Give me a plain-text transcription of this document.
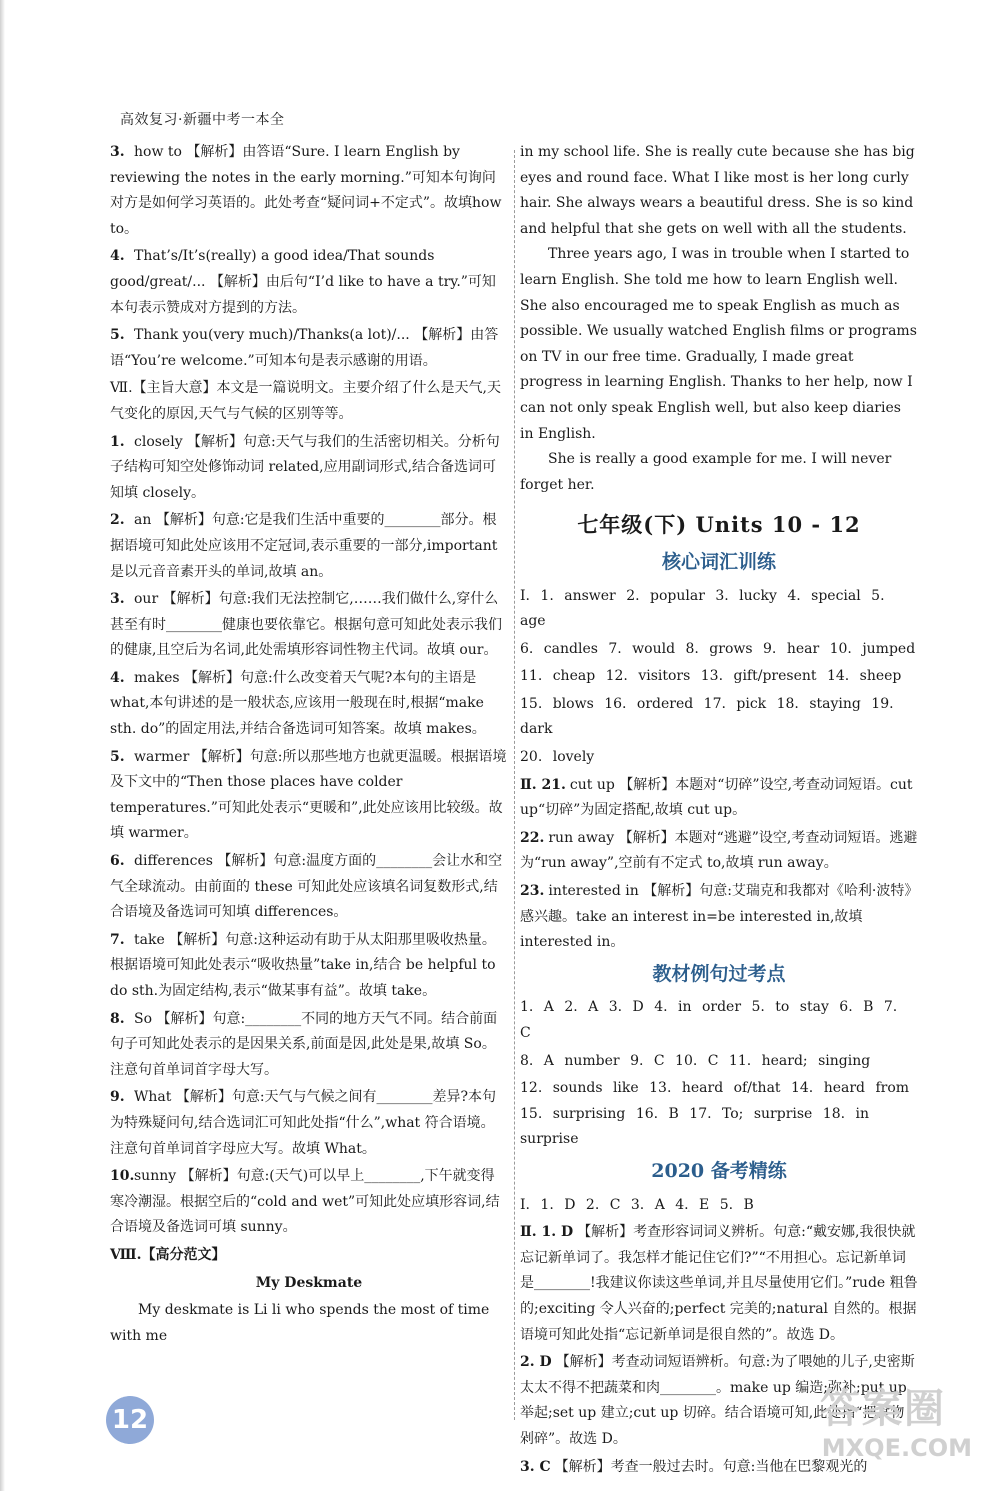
高效复习·新疆中考一本全
3. how to 【解析】由答语“Sure. I learn English by reviewing the notes in the early morning.”可知本句询问对方是如何学习英语的。此处考查“疑问词+不定式”。故填how to。
4. That’s/It’s(really) a good idea/That sounds good/great/... 【解析】由后句“I’d like to have a try.”可知本句表示赞成对方提到的方法。
5. Thank you(very much)/Thanks(a lot)/... 【解析】由答语“You’re welcome.”可知本句是表示感谢的用语。
Ⅶ.【主旨大意】本文是一篇说明文。主要介绍了什么是天气,天气变化的原因,天气与气候的区别等等。
1. closely 【解析】句意:天气与我们的生活密切相关。分析句子结构可知空处修饰动词 related,应用副词形式,结合备选词可知填 closely。
2. an 【解析】句意:它是我们生活中重要的________部分。根据语境可知此处应该用不定冠词,表示重要的一部分,important 是以元音音素开头的单词,故填 an。
3. our 【解析】句意:我们无法控制它,……我们做什么,穿什么甚至有时________健康也要依靠它。根据句意可知此处表示我们的健康,且空后为名词,此处需填形容词性物主代词。故填 our。
4. makes 【解析】句意:什么改变着天气呢?本句的主语是what,本句讲述的是一般状态,应该用一般现在时,根据“make sth. do”的固定用法,并结合备选词可知答案。故填 makes。
5. warmer 【解析】句意:所以那些地方也就更温暖。根据语境及下文中的“Then those places have colder temperatures.”可知此处表示“更暖和”,此处应该用比较级。故填 warmer。
6. differences 【解析】句意:温度方面的________会让水和空气全球流动。由前面的 these 可知此处应该填名词复数形式,结合语境及备选词可知填 differences。
7. take 【解析】句意:这种运动有助于从太阳那里吸收热量。根据语境可知此处表示“吸收热量”take in,结合 be helpful to do sth.为固定结构,表示“做某事有益”。故填 take。
8. So 【解析】句意:________不同的地方天气不同。结合前面句子可知此处表示的是因果关系,前面是因,此处是果,故填 So。注意句首单词首字母大写。
9. What 【解析】句意:天气与气候之间有________差异?本句为特殊疑问句,结合选词汇可知此处指“什么”,what 符合语境。注意句首单词首字母应大写。故填 What。
10.sunny 【解析】句意:(天气)可以早上________,下午就变得寒冷潮湿。根据空后的“cold and wet”可知此处应填形容词,结合语境及备选词可填 sunny。
Ⅷ.【高分范文】
My Deskmate

My deskmate is Li li who spends the most of time with me

in my school life. She is really cute because she has big eyes and round face. What I like most is her long curly hair. She always wears a beautiful dress. She is so kind and helpful that she gets on well with all the students.

Three years ago, I was in trouble when I started to learn English. She told me how to learn English well. She also encouraged me to speak English as much as possible. We usually watched English films or programs on TV in our free time. Gradually, I made great progress in learning English. Thanks to her help, now I can not only speak English well, but also keep diaries in English.

She is really a good example for me. I will never forget her.

七年级(下) Units 10 - 12
核心词汇训练
Ⅰ. 1. answer 2. popular 3. lucky 4. special 5. age
6. candles 7. would 8. grows 9. hear 10. jumped
11. cheap 12. visitors 13. gift/present 14. sheep
15. blows 16. ordered 17. pick 18. staying 19. dark
20. lovely
Ⅱ. 21. cut up 【解析】本题对“切碎”设空,考查动词短语。cut up“切碎”为固定搭配,故填 cut up。
22. run away 【解析】本题对“逃避”设空,考查动词短语。逃避为“run away”,空前有不定式 to,故填 run away。
23. interested in 【解析】句意:艾瑞克和我都对《哈利·波特》感兴趣。take an interest in=be interested in,故填 interested in。
教材例句过考点
1. A 2. A 3. D 4. in order 5. to stay 6. B 7. C
8. A number 9. C 10. C 11. heard; singing
12. sounds like 13. heard of/that 14. heard from 15. surprising 16. B 17. To; surprise 18. in surprise
2020 备考精练
Ⅰ. 1. D 2. C 3. A 4. E 5. B
Ⅱ. 1. D 【解析】考查形容词词义辨析。句意:“戴安娜,我很快就忘记新单词了。我怎样才能记住它们?”“不用担心。忘记新单词是________!我建议你读这些单词,并且尽量使用它们。”rude 粗鲁的;exciting 令人兴奋的;perfect 完美的;natural 自然的。根据语境可知此处指“忘记新单词是很自然的”。故选 D。
2. D 【解析】考查动词短语辨析。句意:为了喂她的儿子,史密斯太太不得不把蔬菜和肉________。make up 编造;弥补;put up 举起;set up 建立;cut up 切碎。结合语境可知,此处指“把食物剁碎”。故选 D。
3. C 【解析】考查一般过去时。句意:当他在巴黎观光的
12	答案圈
MXQE.COM
